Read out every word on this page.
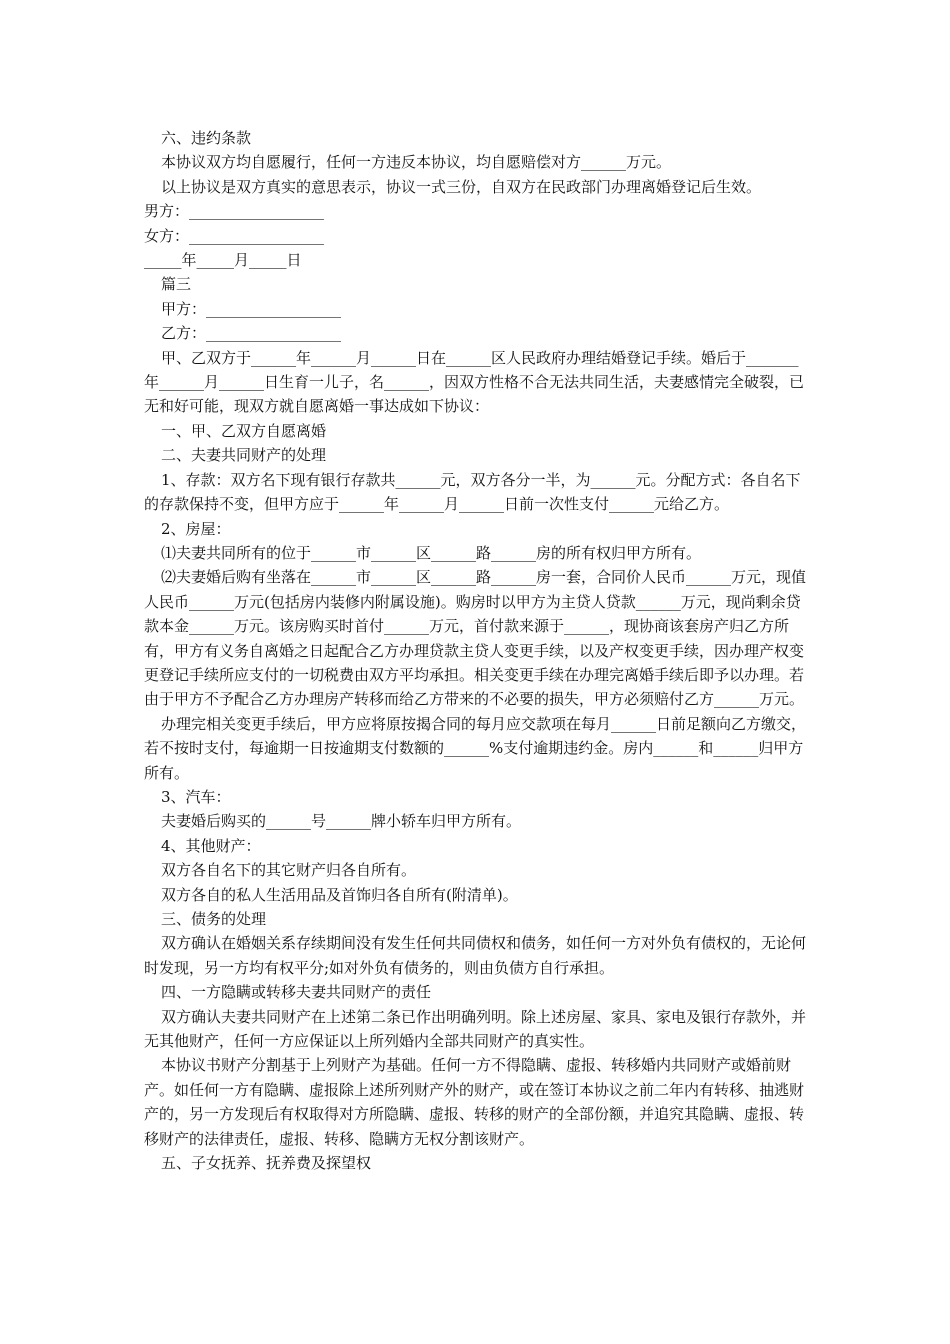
六、违约条款

本协议双方均自愿履行，任何一方违反本协议，均自愿赔偿对方______万元。

以上协议是双方真实的意思表示，协议一式三份，自双方在民政部门办理离婚登记后生效。

男方：__________________

女方：__________________

_____年_____月_____日

篇三

甲方：__________________

乙方：__________________

甲、乙双方于______年______月______日在______区人民政府办理结婚登记手续。婚后于_______年______月______日生育一儿子，名______，因双方性格不合无法共同生活，夫妻感情完全破裂，已无和好可能，现双方就自愿离婚一事达成如下协议：

一、甲、乙双方自愿离婚

二、夫妻共同财产的处理

1、存款：双方名下现有银行存款共______元，双方各分一半，为______元。分配方式：各自名下的存款保持不变，但甲方应于______年______月______日前一次性支付______元给乙方。

2、房屋：

⑴夫妻共同所有的位于______市______区______路______房的所有权归甲方所有。

⑵夫妻婚后购有坐落在______市______区______路______房一套，合同价人民币______万元，现值人民币______万元(包括房内装修内附属设施)。购房时以甲方为主贷人贷款______万元，现尚剩余贷款本金______万元。该房购买时首付______万元，首付款来源于______，现协商该套房产归乙方所有，甲方有义务自离婚之日起配合乙方办理贷款主贷人变更手续，以及产权变更手续，因办理产权变更登记手续所应支付的一切税费由双方平均承担。相关变更手续在办理完离婚手续后即予以办理。若由于甲方不予配合乙方办理房产转移而给乙方带来的不必要的损失，甲方必须赔付乙方______万元。

办理完相关变更手续后，甲方应将原按揭合同的每月应交款项在每月______日前足额向乙方缴交，若不按时支付，每逾期一日按逾期支付数额的______%支付逾期违约金。房内______和______归甲方所有。

3、汽车：

夫妻婚后购买的______号______牌小轿车归甲方所有。

4、其他财产：

双方各自名下的其它财产归各自所有。

双方各自的私人生活用品及首饰归各自所有(附清单)。

三、债务的处理

双方确认在婚姻关系存续期间没有发生任何共同债权和债务，如任何一方对外负有债权的，无论何时发现，另一方均有权平分;如对外负有债务的，则由负债方自行承担。

四、一方隐瞒或转移夫妻共同财产的责任

双方确认夫妻共同财产在上述第二条已作出明确列明。除上述房屋、家具、家电及银行存款外，并无其他财产，任何一方应保证以上所列婚内全部共同财产的真实性。

本协议书财产分割基于上列财产为基础。任何一方不得隐瞒、虚报、转移婚内共同财产或婚前财产。如任何一方有隐瞒、虚报除上述所列财产外的财产，或在签订本协议之前二年内有转移、抽逃财产的，另一方发现后有权取得对方所隐瞒、虚报、转移的财产的全部份额，并追究其隐瞒、虚报、转移财产的法律责任，虚报、转移、隐瞒方无权分割该财产。

五、子女抚养、抚养费及探望权
